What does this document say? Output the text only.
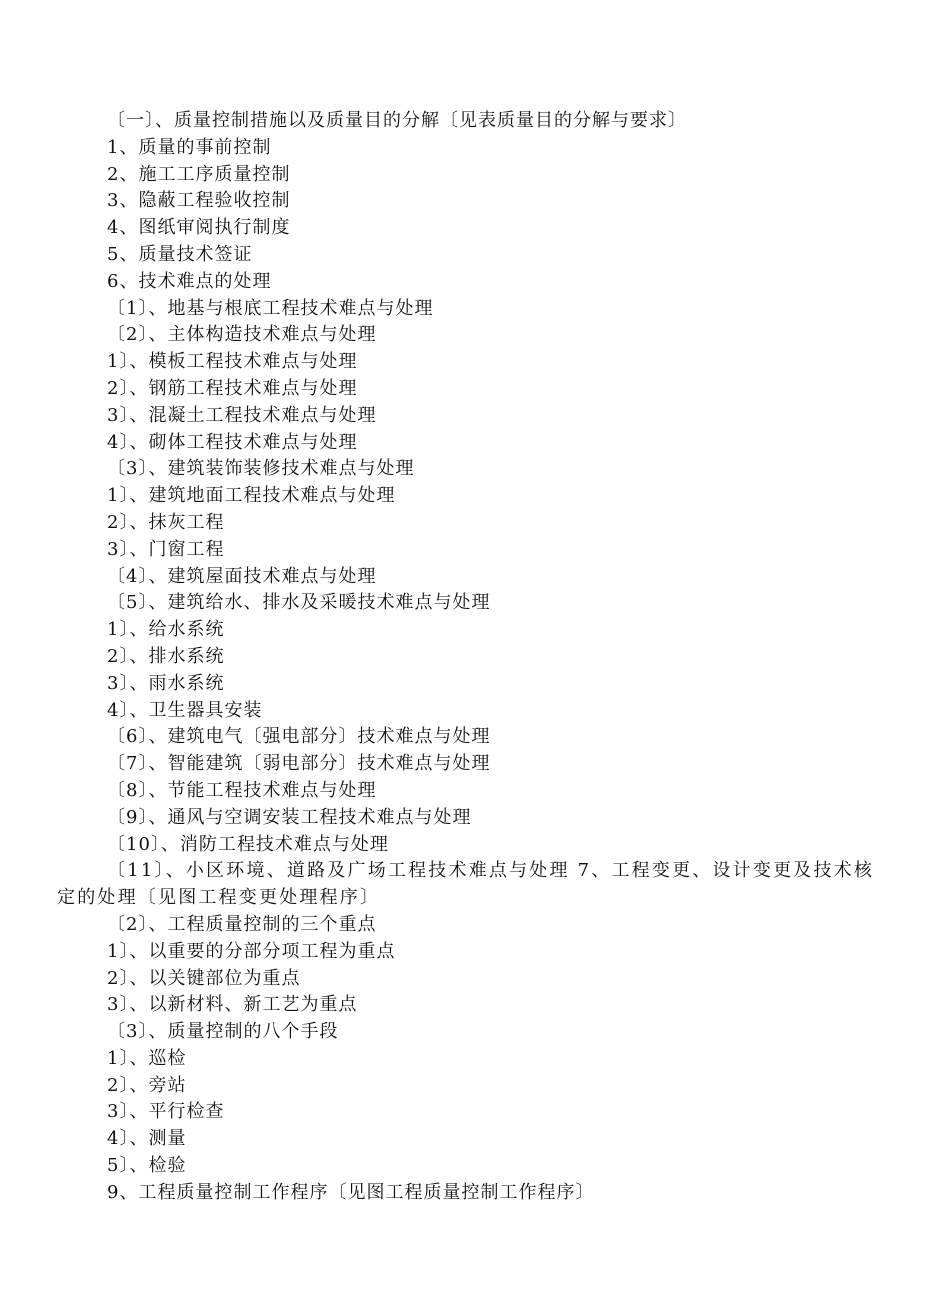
〔一〕、质量控制措施以及质量目的分解〔见表质量目的分解与要求〕
1、质量的事前控制
2、施工工序质量控制
3、隐蔽工程验收控制
4、图纸审阅执行制度
5、质量技术签证
6、技术难点的处理
〔1〕、地基与根底工程技术难点与处理
〔2〕、主体构造技术难点与处理
1〕、模板工程技术难点与处理
2〕、钢筋工程技术难点与处理
3〕、混凝土工程技术难点与处理
4〕、砌体工程技术难点与处理
〔3〕、建筑装饰装修技术难点与处理
1〕、建筑地面工程技术难点与处理
2〕、抹灰工程
3〕、门窗工程
〔4〕、建筑屋面技术难点与处理
〔5〕、建筑给水、排水及采暖技术难点与处理
1〕、给水系统
2〕、排水系统
3〕、雨水系统
4〕、卫生器具安装
〔6〕、建筑电气〔强电部分〕技术难点与处理
〔7〕、智能建筑〔弱电部分〕技术难点与处理
〔8〕、节能工程技术难点与处理
〔9〕、通风与空调安装工程技术难点与处理
〔10〕、消防工程技术难点与处理
〔11〕、小区环境、道路及广场工程技术难点与处理 7、工程变更、设计变更及技术核定的处理〔见图工程变更处理程序〕
〔2〕、工程质量控制的三个重点
1〕、以重要的分部分项工程为重点
2〕、以关键部位为重点
3〕、以新材料、新工艺为重点
〔3〕、质量控制的八个手段
1〕、巡检
2〕、旁站
3〕、平行检查
4〕、测量
5〕、检验
9、工程质量控制工作程序〔见图工程质量控制工作程序〕
